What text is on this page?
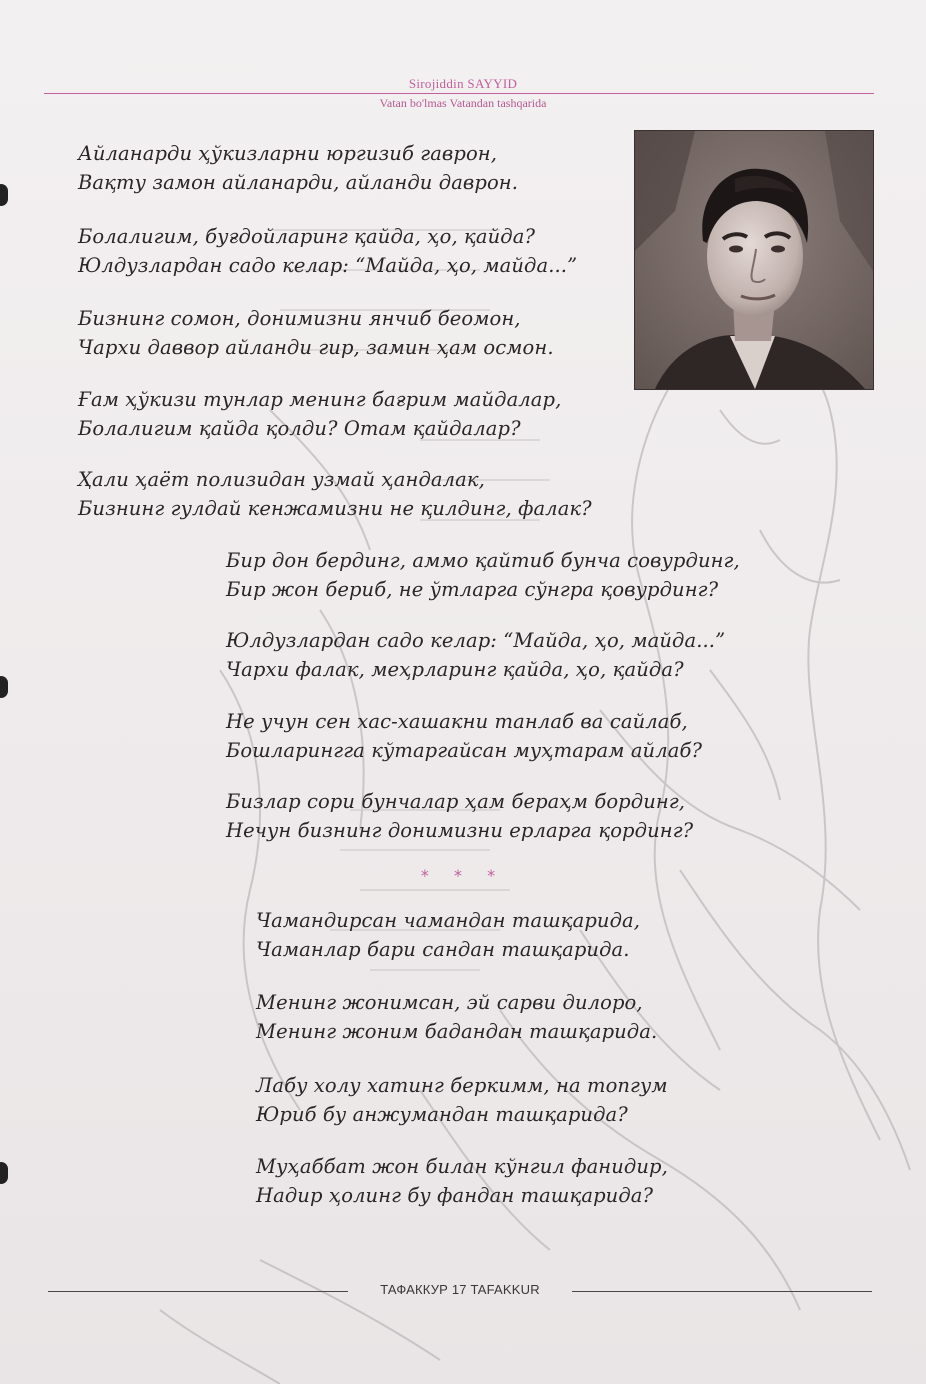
Sirojiddin SAYYID
Vatan bo'lmas Vatandan tashqarida
Айланарди ҳўкизларни юргизиб гаврон,
Вақту замон айланарди, айланди даврон.
Болалигим, буғдойларинг қайда, ҳо, қайда?
Юлдузлардан садо келар: “Майда, ҳо, майда...”
Бизнинг сомон, донимизни янчиб беомон,
Чархи даввор айланди гир, замин ҳам осмон.
Ғам ҳўкизи тунлар менинг бағрим майдалар,
Болалигим қайда қолди? Отам қайдалар?
Ҳали ҳаёт полизидан узмай ҳандалак,
Бизнинг гулдай кенжамизни не қилдинг, фалак?
Бир дон бердинг, аммо қайтиб бунча совурдинг,
Бир жон бериб, не ўтларга сўнгра қовурдинг?
Юлдузлардан садо келар: “Майда, ҳо, майда...”
Чархи фалак, меҳрларинг қайда, ҳо, қайда?
Не учун сен хас-хашакни танлаб ва сайлаб,
Бошларингга кўтаргайсан муҳтарам айлаб?
Бизлар сори бунчалар ҳам бераҳм бординг,
Нечун бизнинг донимизни ерларга қординг?
* * *
Чамандирсан чамандан ташқарида,
Чаманлар бари сандан ташқарида.
Менинг жонимсан, эй сарви дилоро,
Менинг жоним бадандан ташқарида.
Лабу холу хатинг беркимм, на топгум
Юриб бу анжумандан ташқарида?
Муҳаббат жон билан кўнгил фанидир,
Надир ҳолинг бу фандан ташқарида?
ТАФАККУР 17 TAFAKKUR
